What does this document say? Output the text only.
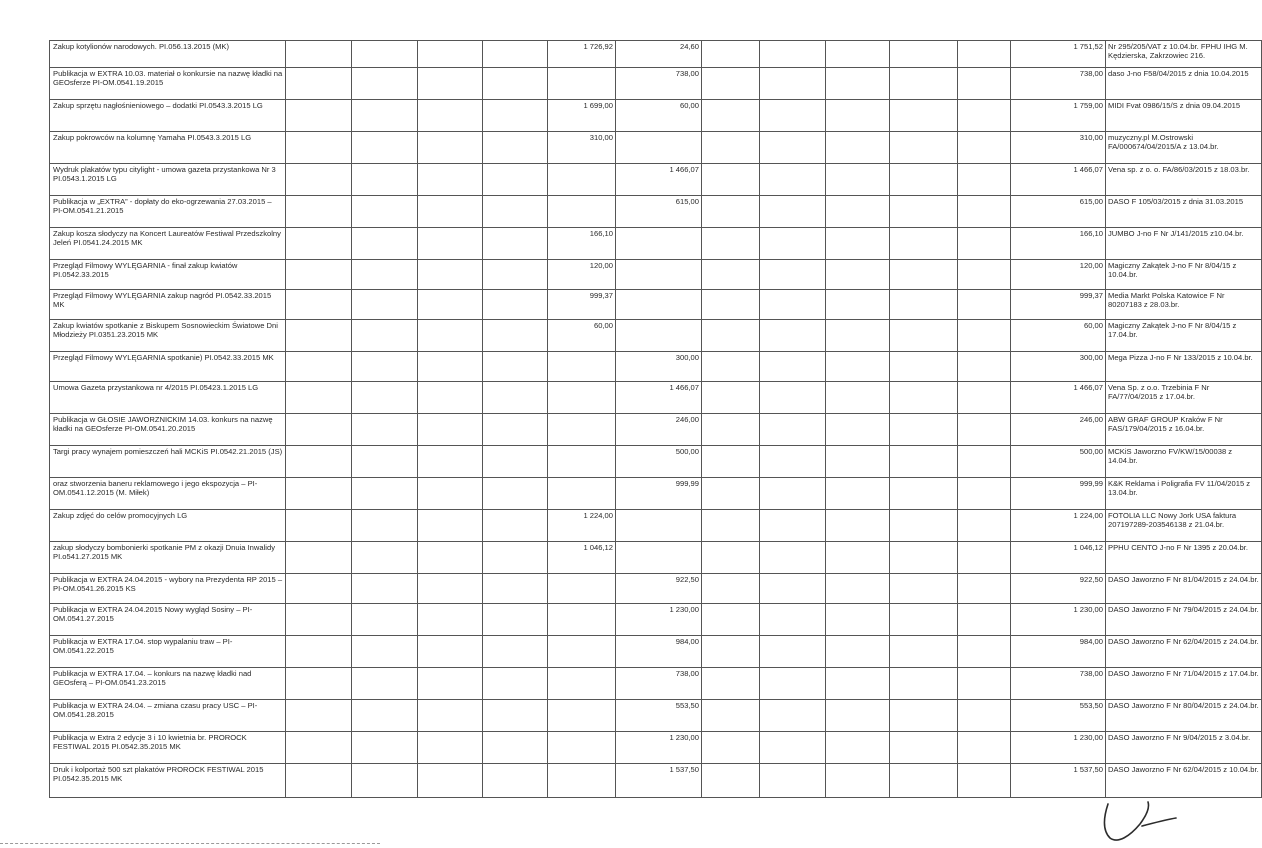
Zakup kotylionów narodowych. PI.056.13.2015 (MK)					1 726,92	24,60						1 751,52	Nr 295/205/VAT z 10.04.br. FPHU IHG M. Kędzierska, Zakrzowiec 216.
Publikacja w EXTRA 10.03. materiał o konkursie na nazwę kładki na GEOsferze PI-OM.0541.19.2015						738,00						738,00	daso J-no F58/04/2015 z dnia 10.04.2015
Zakup sprzętu nagłośnieniowego – dodatki PI.0543.3.2015 LG					1 699,00	60,00						1 759,00	MIDI Fvat 0986/15/S z dnia 09.04.2015
Zakup pokrowców na kolumnę Yamaha PI.0543.3.2015 LG					310,00							310,00	muzyczny.pl M.Ostrowski FA/000674/04/2015/A z 13.04.br.
Wydruk plakatów typu citylight - umowa gazeta przystankowa Nr 3 PI.0543.1.2015 LG						1 466,07						1 466,07	Vena sp. z o. o. FA/86/03/2015 z 18.03.br.
Publikacja w „EXTRA” - dopłaty do eko-ogrzewania 27.03.2015 – PI-OM.0541.21.2015						615,00						615,00	DASO F 105/03/2015 z dnia 31.03.2015
Zakup kosza słodyczy na Koncert Laureatów Festiwal Przedszkolny Jeleń PI.0541.24.2015 MK					166,10							166,10	JUMBO J-no F Nr J/141/2015 z10.04.br.
Przegląd Filmowy WYLĘGARNIA - finał zakup kwiatów PI.0542.33.2015					120,00							120,00	Magiczny Zakątek J-no F Nr 8/04/15 z 10.04.br.
Przegląd Filmowy WYLĘGARNIA zakup nagród PI.0542.33.2015 MK					999,37							999,37	Media Markt Polska Katowice F Nr 80207183 z 28.03.br.
Zakup kwiatów spotkanie z Biskupem Sosnowieckim Światowe Dni Młodzieży PI.0351.23.2015 MK					60,00							60,00	Magiczny Zakątek J-no F Nr 8/04/15 z 17.04.br.
Przegląd Filmowy WYLĘGARNIA spotkanie) PI.0542.33.2015 MK						300,00						300,00	Mega Pizza J-no F Nr 133/2015 z 10.04.br.
Umowa Gazeta przystankowa nr 4/2015 PI.05423.1.2015 LG						1 466,07						1 466,07	Vena Sp. z o.o. Trzebinia F Nr FA/77/04/2015 z 17.04.br.
Publikacja w GŁOSIE JAWORZNICKIM 14.03. konkurs na nazwę kładki na GEOsferze PI-OM.0541.20.2015						246,00						246,00	ABW GRAF GROUP Kraków F Nr FAS/179/04/2015 z 16.04.br.
Targi pracy wynajem pomieszczeń hali MCKiS PI.0542.21.2015 (JS)						500,00						500,00	MCKiS Jaworzno FV/KW/15/00038 z 14.04.br.
oraz stworzenia baneru reklamowego i jego ekspozycja – PI-OM.0541.12.2015 (M. Miłek)						999,99						999,99	K&K Reklama i Poligrafia FV 11/04/2015 z 13.04.br.
Zakup zdjęć do celów promocyjnych LG					1 224,00							1 224,00	FOTOLIA LLC Nowy Jork USA faktura 207197289-203546138 z 21.04.br.
zakup słodyczy bombonierki spotkanie PM z okazji Dnuia Inwalidy PI.o541.27.2015 MK					1 046,12							1 046,12	PPHU CENTO J-no F Nr 1395 z 20.04.br.
Publikacja w EXTRA 24.04.2015 - wybory na Prezydenta RP 2015 – PI-OM.0541.26.2015 KS						922,50						922,50	DASO Jaworzno F Nr 81/04/2015 z 24.04.br.
Publikacja w EXTRA 24.04.2015 Nowy wygląd Sosiny – PI-OM.0541.27.2015						1 230,00						1 230,00	DASO Jaworzno F Nr 79/04/2015 z 24.04.br.
Publikacja w EXTRA 17.04. stop wypalaniu traw – PI-OM.0541.22.2015						984,00						984,00	DASO Jaworzno F Nr 62/04/2015 z 24.04.br.
Publikacja w EXTRA 17.04. – konkurs na nazwę kładki nad GEOsferą – PI-OM.0541.23.2015						738,00						738,00	DASO Jaworzno F Nr 71/04/2015 z 17.04.br.
Publikacja w EXTRA 24.04. – zmiana czasu pracy USC – PI-OM.0541.28.2015						553,50						553,50	DASO Jaworzno F Nr 80/04/2015 z 24.04.br.
Publikacja w Extra 2 edycje 3 i 10 kwietnia br. PROROCK FESTIWAL 2015 PI.0542.35.2015 MK						1 230,00						1 230,00	DASO Jaworzno F Nr 9/04/2015 z 3.04.br.
Druk i kolportaż 500 szt plakatów PROROCK FESTIWAL 2015 PI.0542.35.2015 MK						1 537,50						1 537,50	DASO Jaworzno F Nr 62/04/2015 z 10.04.br.
